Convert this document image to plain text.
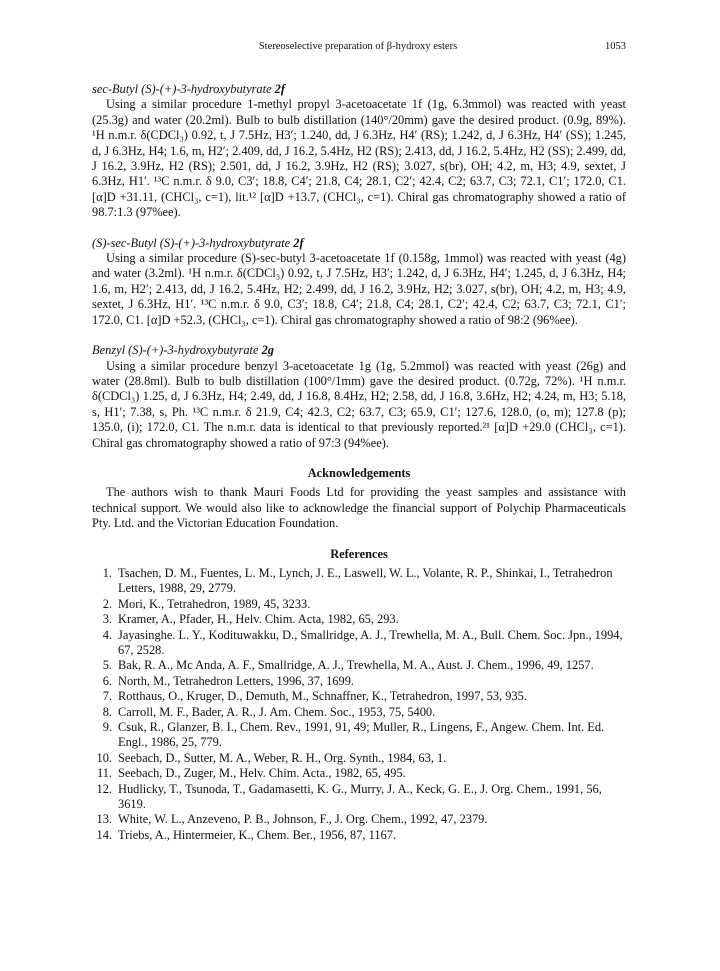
Stereoselective preparation of β-hydroxy esters	1053

sec-Butyl (S)-(+)-3-hydroxybutyrate 2f

Using a similar procedure 1-methyl propyl 3-acetoacetate 1f (1g, 6.3mmol) was reacted with yeast (25.3g) and water (20.2ml). Bulb to bulb distillation (140°/20mm) gave the desired product. (0.9g, 89%). ¹H n.m.r. δ(CDCl₃) 0.92, t, J 7.5Hz, H3′; 1.240, dd, J 6.3Hz, H4′ (RS); 1.242, d, J 6.3Hz, H4′ (SS); 1.245, d, J 6.3Hz, H4; 1.6, m, H2′; 2.409, dd, J 16.2, 5.4Hz, H2 (RS); 2.413, dd, J 16.2, 5.4Hz, H2 (SS); 2.499, dd, J 16.2, 3.9Hz, H2 (RS); 2.501, dd, J 16.2, 3.9Hz, H2 (RS); 3.027, s(br), OH; 4.2, m, H3; 4.9, sextet, J 6.3Hz, H1′. ¹³C n.m.r. δ 9.0, C3′; 18.8, C4′; 21.8, C4; 28.1, C2′; 42.4, C2; 63.7, C3; 72.1, C1′; 172.0, C1. [α]D +31.11, (CHCl₃, c=1), lit.¹² [α]D +13.7, (CHCl₃, c=1). Chiral gas chromatography showed a ratio of 98.7:1.3 (97%ee).

(S)-sec-Butyl (S)-(+)-3-hydroxybutyrate 2f

Using a similar procedure (S)-sec-butyl 3-acetoacetate 1f (0.158g, 1mmol) was reacted with yeast (4g) and water (3.2ml). ¹H n.m.r. δ(CDCl₃) 0.92, t, J 7.5Hz, H3′; 1.242, d, J 6.3Hz, H4′; 1.245, d, J 6.3Hz, H4; 1.6, m, H2′; 2.413, dd, J 16.2, 5.4Hz, H2; 2.499, dd, J 16.2, 3.9Hz, H2; 3.027, s(br), OH; 4.2, m, H3; 4.9, sextet, J 6.3Hz, H1′. ¹³C n.m.r. δ 9.0, C3′; 18.8, C4′; 21.8, C4; 28.1, C2′; 42.4, C2; 63.7, C3; 72.1, C1′; 172.0, C1. [α]D +52.3, (CHCl₃, c=1). Chiral gas chromatography showed a ratio of 98:2 (96%ee).

Benzyl (S)-(+)-3-hydroxybutyrate 2g

Using a similar procedure benzyl 3-acetoacetate 1g (1g, 5.2mmol) was reacted with yeast (26g) and water (28.8ml). Bulb to bulb distillation (100°/1mm) gave the desired product. (0.72g, 72%). ¹H n.m.r. δ(CDCl₃) 1.25, d, J 6.3Hz, H4; 2.49, dd, J 16.8, 8.4Hz, H2; 2.58, dd, J 16.8, 3.6Hz, H2; 4.24, m, H3; 5.18, s, H1′; 7.38, s, Ph. ¹³C n.m.r. δ 21.9, C4; 42.3, C2; 63.7, C3; 65.9, C1′; 127.6, 128.0, (o, m); 127.8 (p); 135.0, (i); 172.0, C1. The n.m.r. data is identical to that previously reported.²¹ [α]D +29.0 (CHCl₃, c=1). Chiral gas chromatography showed a ratio of 97:3 (94%ee).

Acknowledgements

The authors wish to thank Mauri Foods Ltd for providing the yeast samples and assistance with technical support. We would also like to acknowledge the financial support of Polychip Pharmaceuticals Pty. Ltd. and the Victorian Education Foundation.

References

1. Tsachen, D. M., Fuentes, L. M., Lynch, J. E., Laswell, W. L., Volante, R. P., Shinkai, I., Tetrahedron Letters, 1988, 29, 2779.
2. Mori, K., Tetrahedron, 1989, 45, 3233.
3. Kramer, A., Pfader, H., Helv. Chim. Acta, 1982, 65, 293.
4. Jayasinghe. L. Y., Kodituwakku, D., Smallridge, A. J., Trewhella, M. A., Bull. Chem. Soc. Jpn., 1994, 67, 2528.
5. Bak, R. A., Mc Anda, A. F., Smallridge, A. J., Trewhella, M. A., Aust. J. Chem., 1996, 49, 1257.
6. North, M., Tetrahedron Letters, 1996, 37, 1699.
7. Rotthaus, O., Kruger, D., Demuth, M., Schnaffner, K., Tetrahedron, 1997, 53, 935.
8. Carroll, M. F., Bader, A. R., J. Am. Chem. Soc., 1953, 75, 5400.
9. Csuk, R., Glanzer, B. I., Chem. Rev., 1991, 91, 49; Muller, R., Lingens, F., Angew. Chem. Int. Ed. Engl., 1986, 25, 779.
10. Seebach, D., Sutter, M. A., Weber, R. H., Org. Synth., 1984, 63, 1.
11. Seebach, D., Zuger, M., Helv. Chim. Acta., 1982, 65, 495.
12. Hudlicky, T., Tsunoda, T., Gadamasetti, K. G., Murry, J. A., Keck, G. E., J. Org. Chem., 1991, 56, 3619.
13. White, W. L., Anzeveno, P. B., Johnson, F., J. Org. Chem., 1992, 47, 2379.
14. Triebs, A., Hintermeier, K., Chem. Ber., 1956, 87, 1167.
